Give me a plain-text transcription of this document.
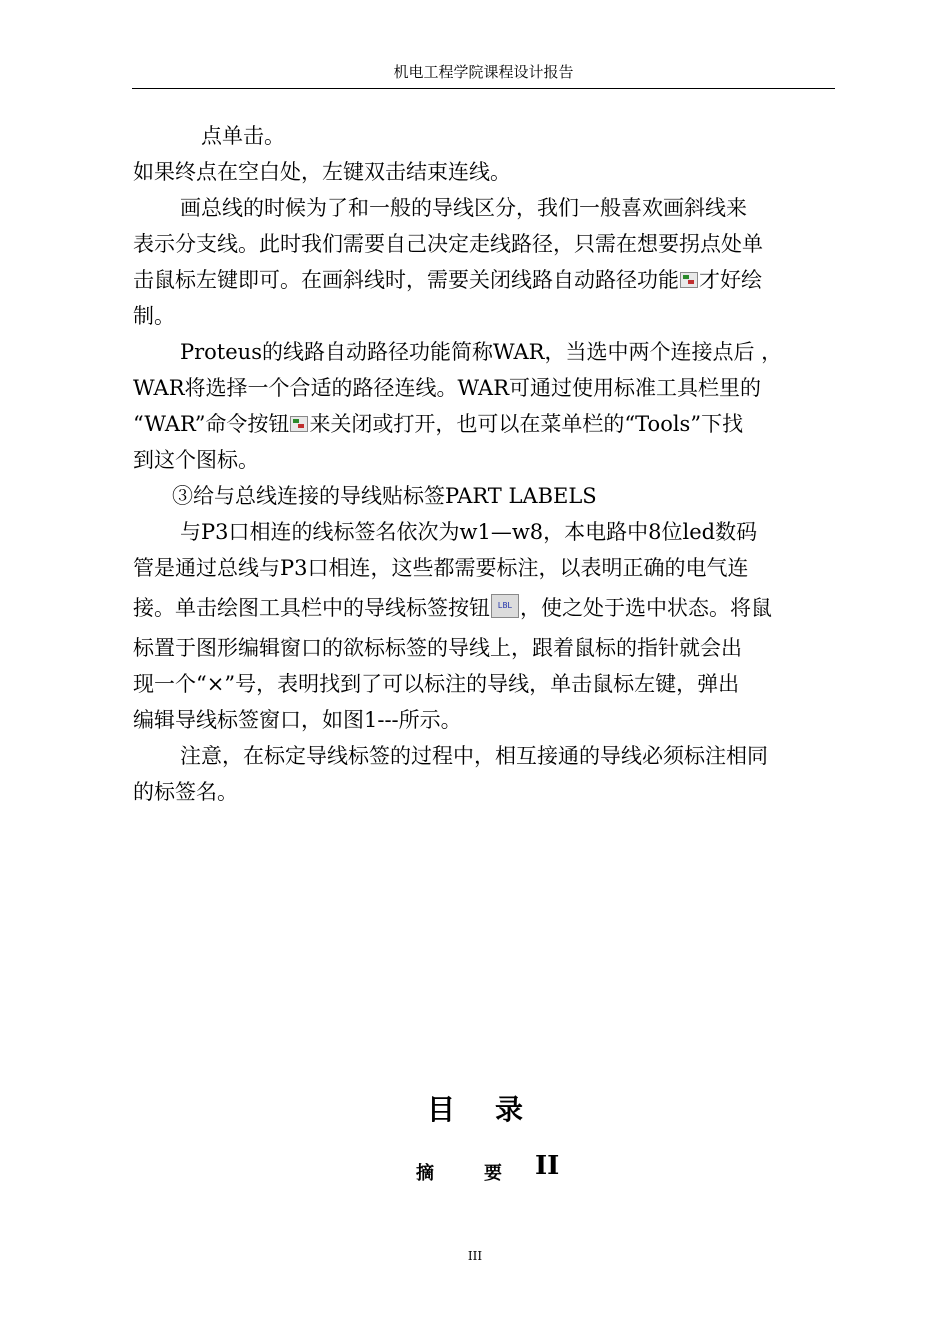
机电工程学院课程设计报告
点单击。
如果终点在空白处，左键双击结束连线。
画总线的时候为了和一般的导线区分，我们一般喜欢画斜线来
表示分支线。此时我们需要自己决定走线路径，只需在想要拐点处单
击鼠标左键即可。在画斜线时，需要关闭线路自动路径功能 才好绘
制。
Proteus的线路自动路径功能简称WAR，当选中两个连接点后 ，
WAR将选择一个合适的路径连线。WAR可通过使用标准工具栏里的
“WAR”命令按钮 来关闭或打开，也可以在菜单栏的“Tools”下找
到这个图标。
③给与总线连接的导线贴标签PART LABELS
与P3口相连的线标签名依次为w1—w8，本电路中8位led数码
管是通过总线与P3口相连，这些都需要标注，以表明正确的电气连
接。单击绘图工具栏中的导线标签按钮 LBL ，使之处于选中状态。将鼠
标置于图形编辑窗口的欲标标签的导线上，跟着鼠标的指针就会出
现一个“×”号，表明找到了可以标注的导线，单击鼠标左键，弹出
编辑导线标签窗口，如图1---所示。
注意，在标定导线标签的过程中，相互接通的导线必须标注相同
的标签名。
目录
摘	要 II
III
